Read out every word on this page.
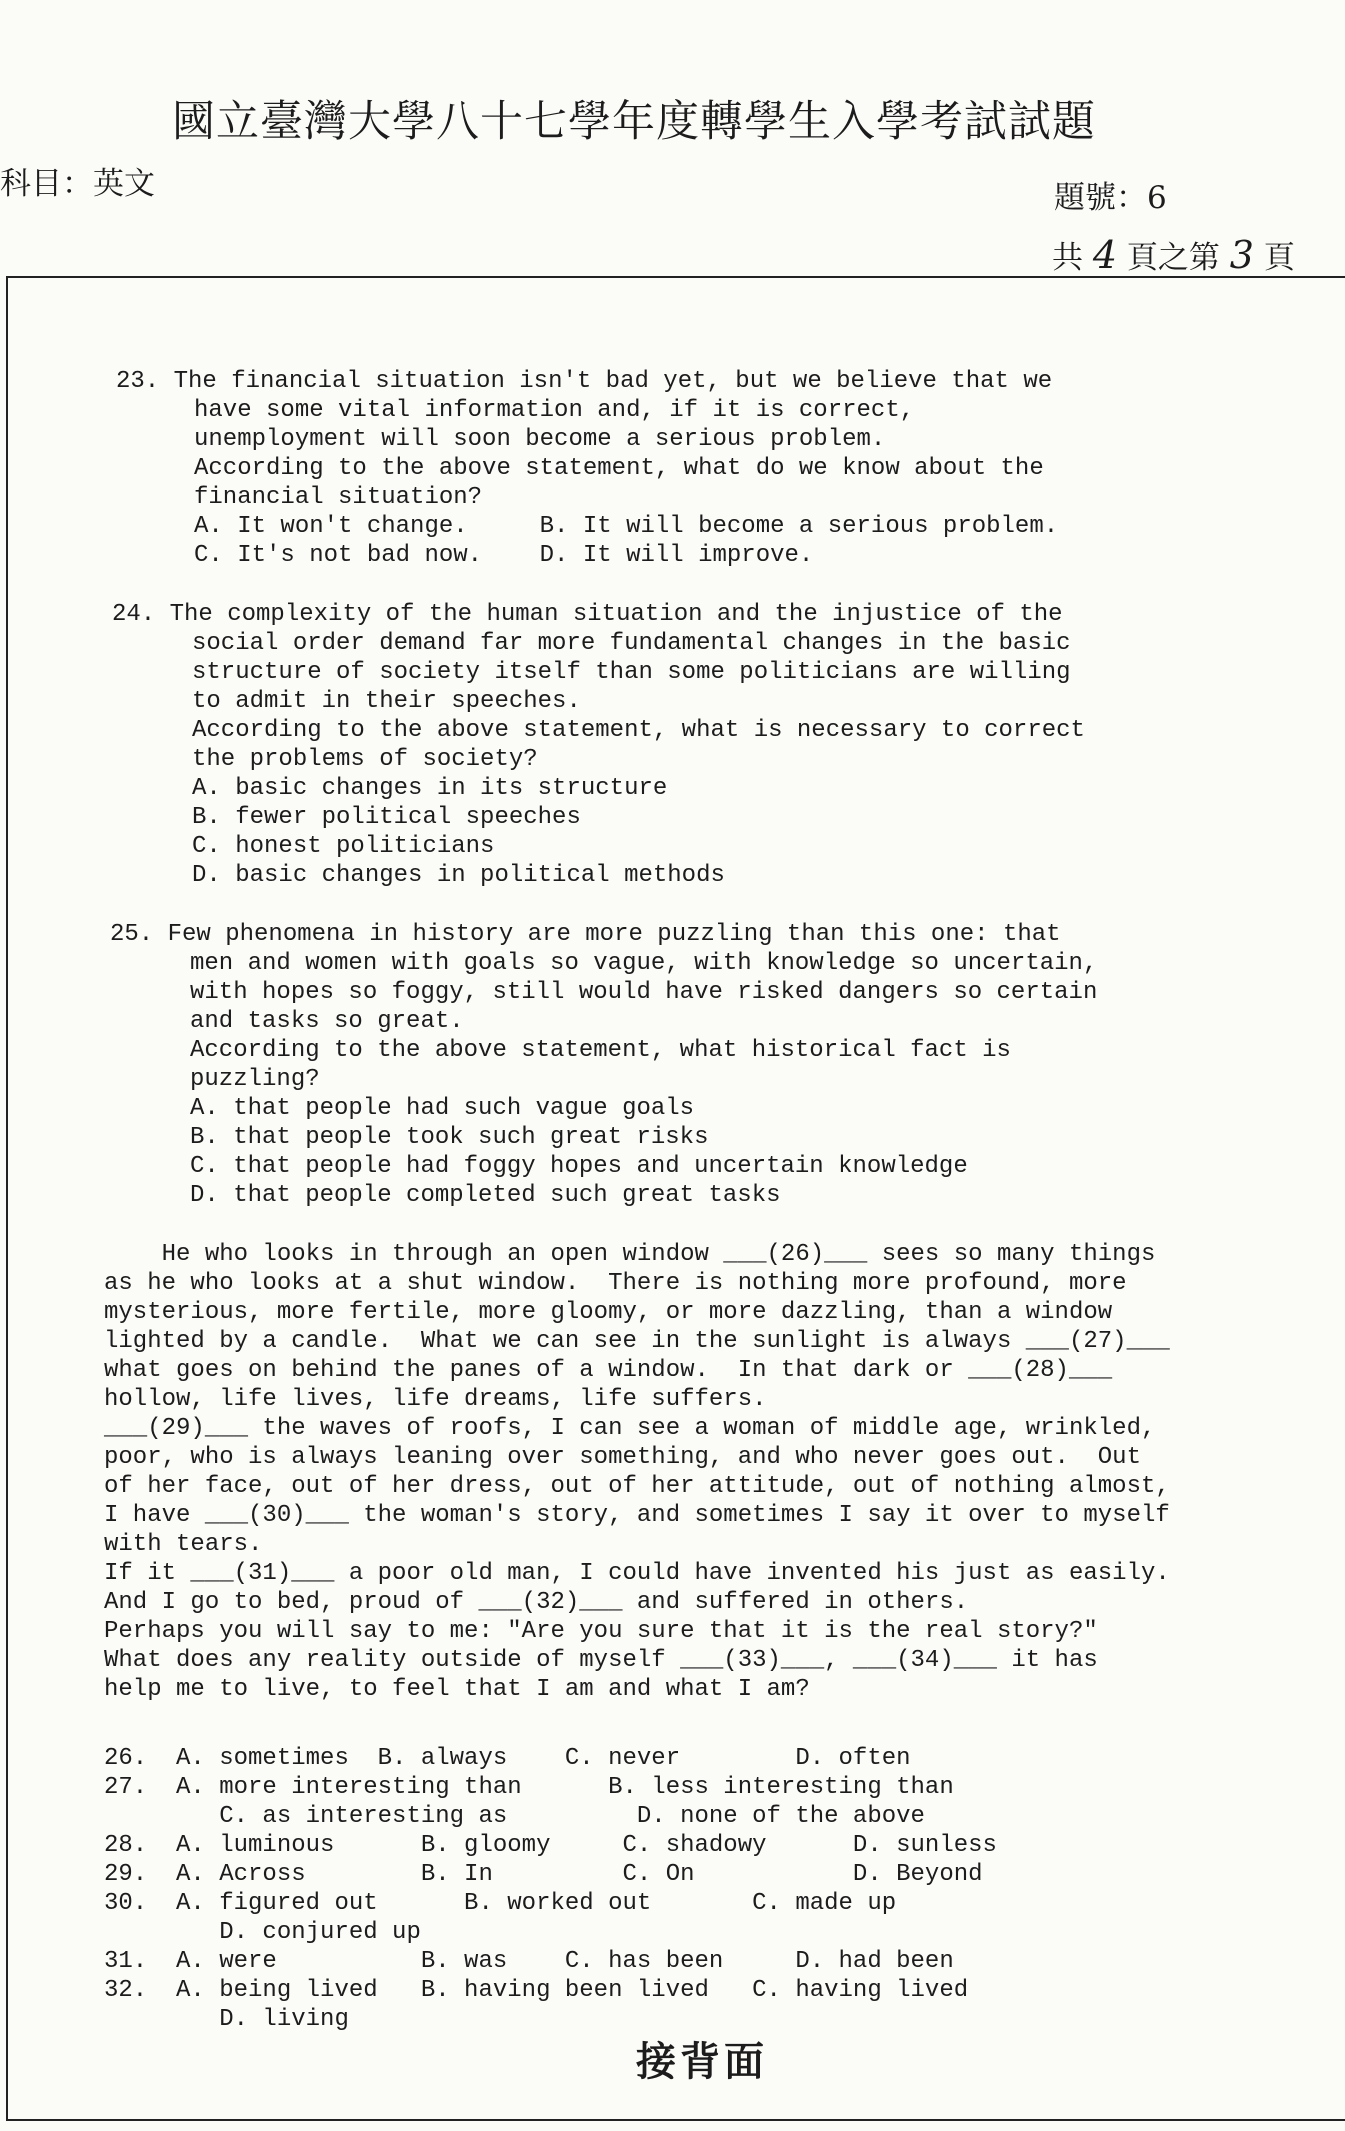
國立臺灣大學八十七學年度轉學生入學考試試題
科目：英文	題號：6
共 4 頁之第 3 頁
23. The financial situation isn't bad yet, but we believe that we
have some vital information and, if it is correct,
unemployment will soon become a serious problem.
According to the above statement, what do we know about the
financial situation?
A. It won't change.     B. It will become a serious problem.
C. It's not bad now.    D. It will improve.
24. The complexity of the human situation and the injustice of the
social order demand far more fundamental changes in the basic
structure of society itself than some politicians are willing
to admit in their speeches.
According to the above statement, what is necessary to correct
the problems of society?
A. basic changes in its structure
B. fewer political speeches
C. honest politicians
D. basic changes in political methods
25. Few phenomena in history are more puzzling than this one: that
men and women with goals so vague, with knowledge so uncertain,
with hopes so foggy, still would have risked dangers so certain
and tasks so great.
According to the above statement, what historical fact is
puzzling?
A. that people had such vague goals
B. that people took such great risks
C. that people had foggy hopes and uncertain knowledge
D. that people completed such great tasks
He who looks in through an open window ___(26)___ sees so many things
as he who looks at a shut window.  There is nothing more profound, more
mysterious, more fertile, more gloomy, or more dazzling, than a window
lighted by a candle.  What we can see in the sunlight is always ___(27)___
what goes on behind the panes of a window.  In that dark or ___(28)___
hollow, life lives, life dreams, life suffers.
___(29)___ the waves of roofs, I can see a woman of middle age, wrinkled,
poor, who is always leaning over something, and who never goes out.  Out
of her face, out of her dress, out of her attitude, out of nothing almost,
I have ___(30)___ the woman's story, and sometimes I say it over to myself
with tears.
If it ___(31)___ a poor old man, I could have invented his just as easily.
And I go to bed, proud of ___(32)___ and suffered in others.
Perhaps you will say to me: "Are you sure that it is the real story?"
What does any reality outside of myself ___(33)___, ___(34)___ it has
help me to live, to feel that I am and what I am?
26.  A. sometimes  B. always    C. never        D. often
27.  A. more interesting than      B. less interesting than
C. as interesting as         D. none of the above
28.  A. luminous      B. gloomy     C. shadowy      D. sunless
29.  A. Across        B. In         C. On           D. Beyond
30.  A. figured out      B. worked out       C. made up
D. conjured up
31.  A. were          B. was    C. has been     D. had been
32.  A. being lived   B. having been lived   C. having lived
D. living
接背面
